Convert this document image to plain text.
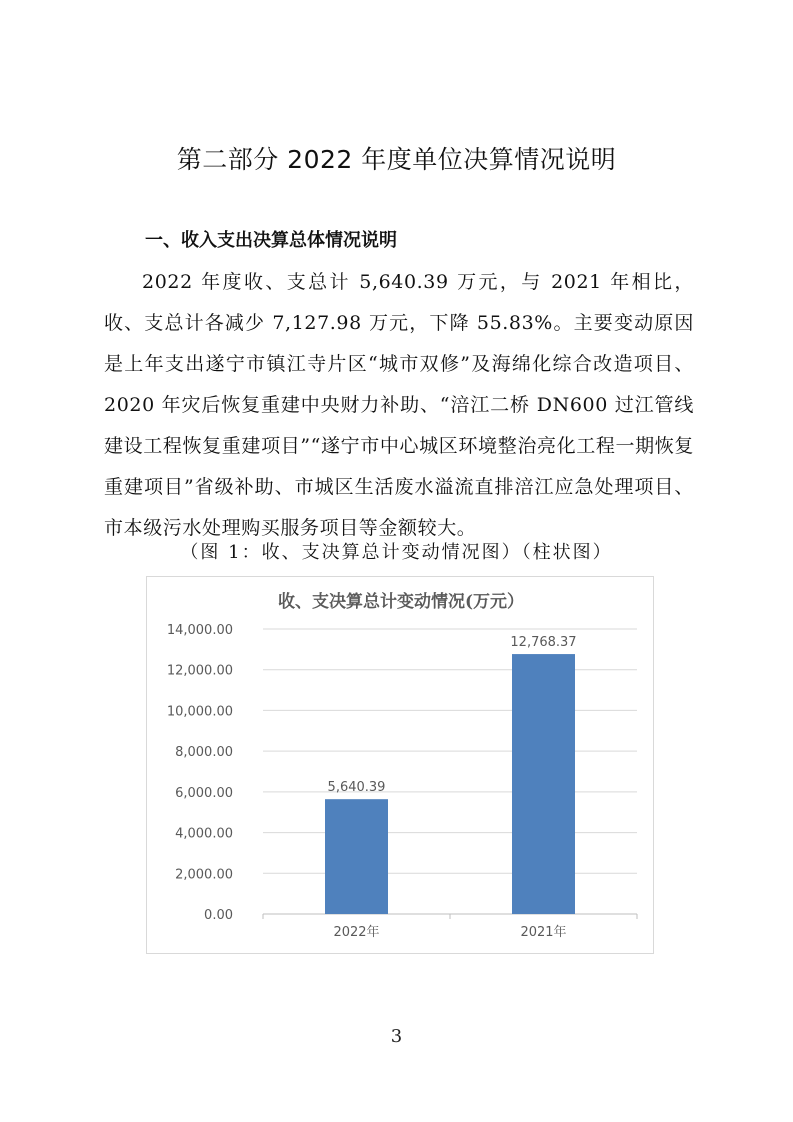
第二部分 2022 年度单位决算情况说明
一、收入支出决算总体情况说明
2022 年度收、支总计 5,640.39 万元，与 2021 年相比，收、支总计各减少 7,127.98 万元，下降 55.83%。主要变动原因是上年支出遂宁市镇江寺片区“城市双修”及海绵化综合改造项目、2020 年灾后恢复重建中央财力补助、“涪江二桥 DN600 过江管线建设工程恢复重建项目”“遂宁市中心城区环境整治亮化工程一期恢复重建项目”省级补助、市城区生活废水溢流直排涪江应急处理项目、市本级污水处理购买服务项目等金额较大。
（图 1：收、支决算总计变动情况图）（柱状图）
收、支决算总计变动情况(万元）
0.00
2,000.00
4,000.00
6,000.00
8,000.00
10,000.00
12,000.00
14,000.00
5,640.39
2022年
12,768.37
2021年
3
